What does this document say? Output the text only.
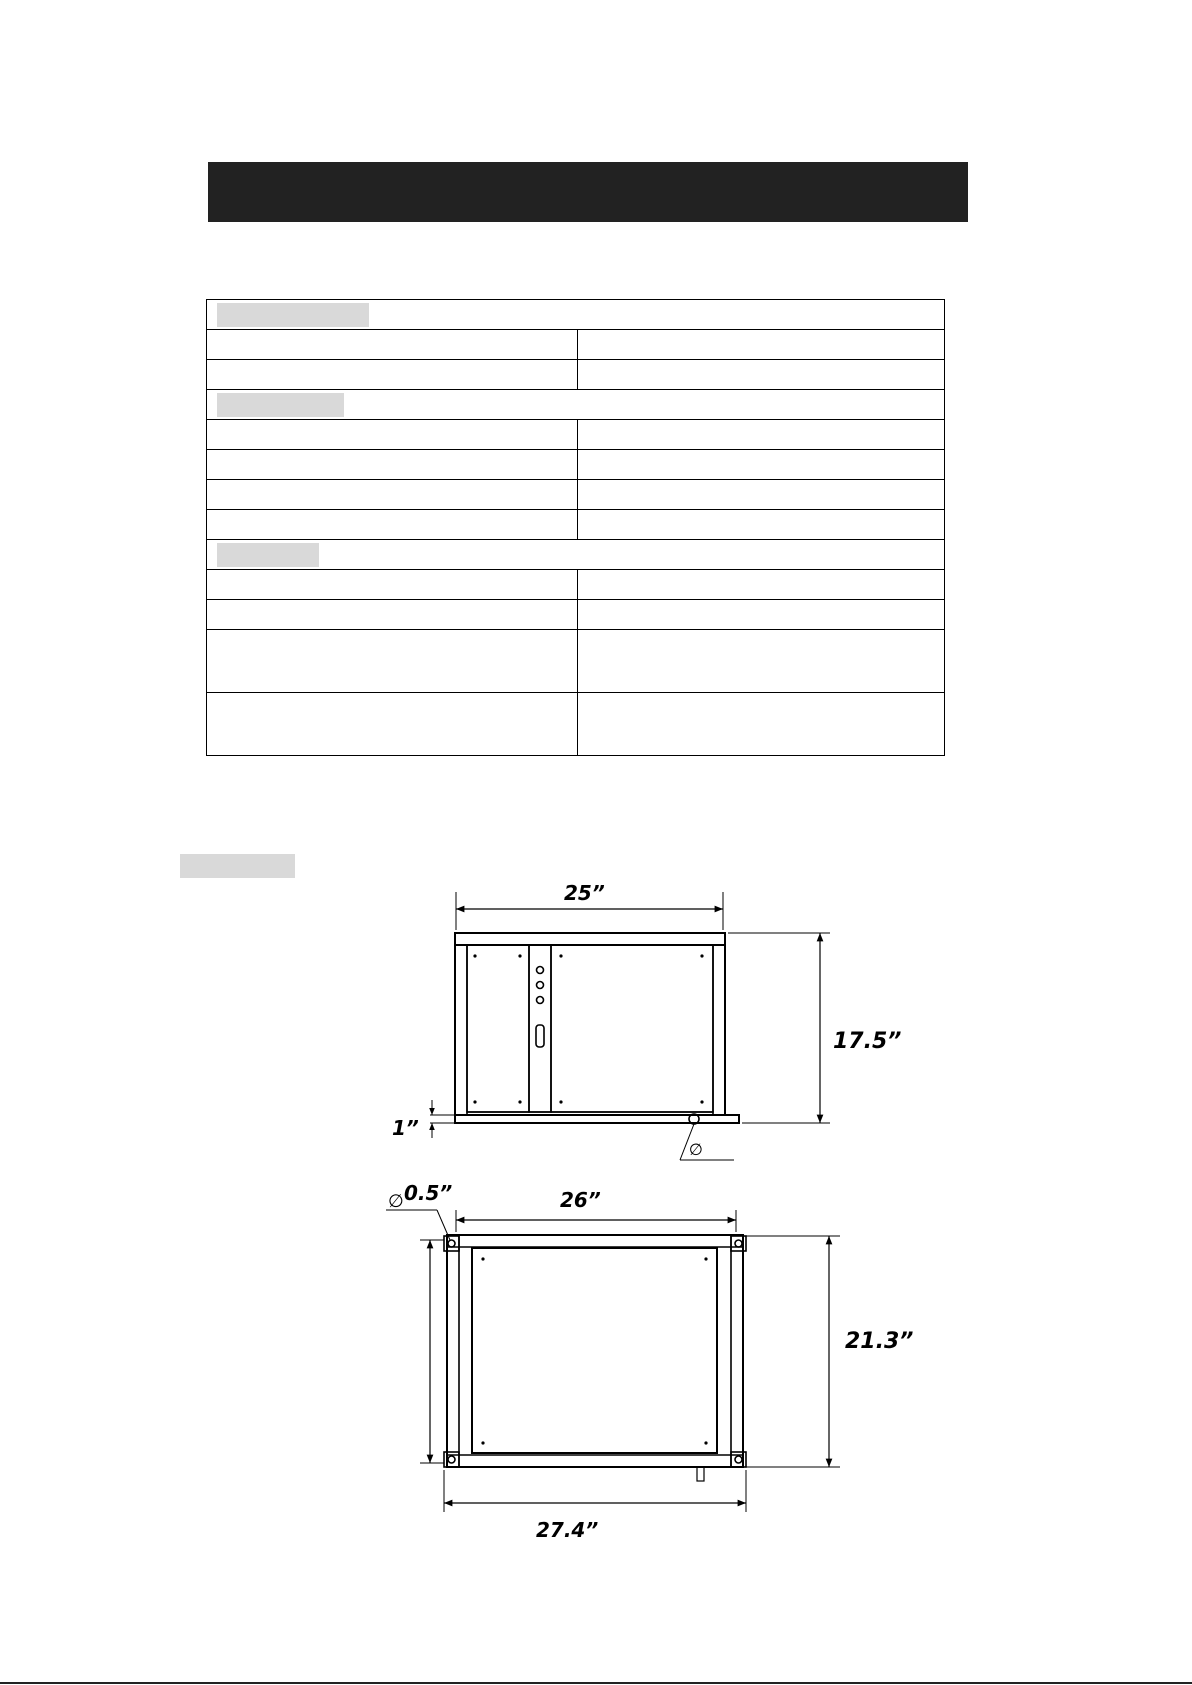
25”
17.5”
1”
∅
∅ 0.5”	26”
21.3”
27.4”
